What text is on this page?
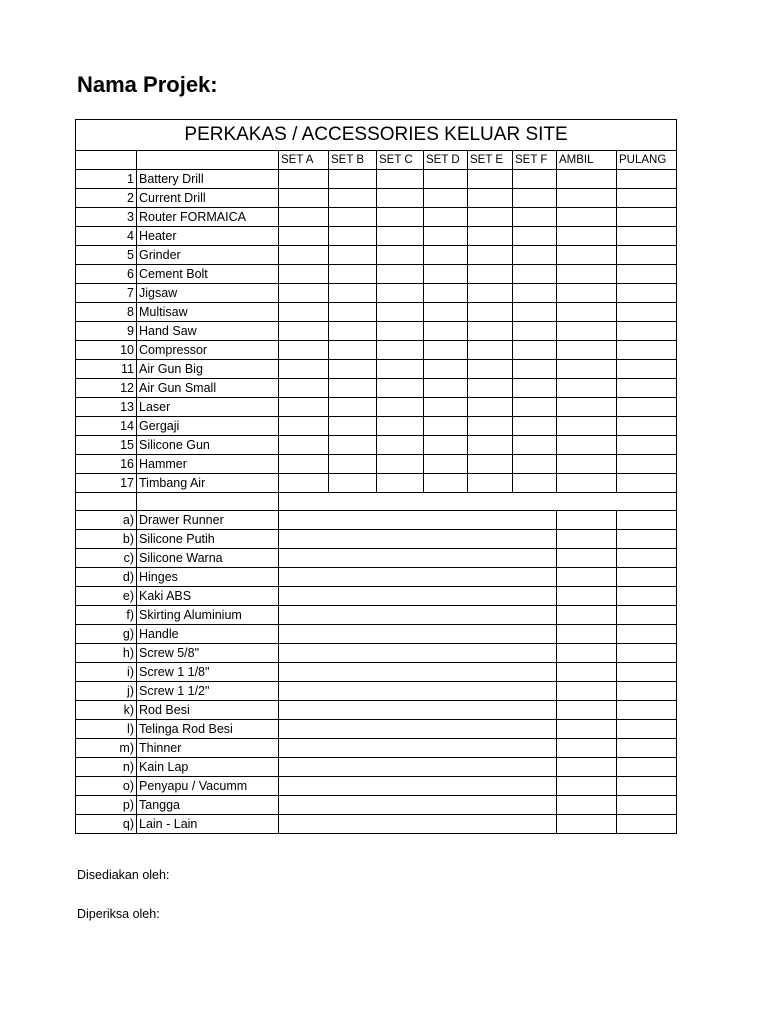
Nama Projek:
PERKAKAS / ACCESSORIES KELUAR SITE									
		SET A	SET B	SET C	SET D	SET E	SET F	AMBIL	PULANG
1	Battery Drill								
2	Current Drill								
3	Router FORMAICA								
4	Heater								
5	Grinder								
6	Cement Bolt								
7	Jigsaw								
8	Multisaw								
9	Hand Saw								
10	Compressor								
11	Air Gun Big								
12	Air Gun Small								
13	Laser								
14	Gergaji								
15	Silicone Gun								
16	Hammer								
17	Timbang Air								

a)	Drawer Runner								
b)	Silicone Putih								
c)	Silicone Warna								
d)	Hinges								
e)	Kaki ABS								
f)	Skirting Aluminium								
g)	Handle								
h)	Screw 5/8"								
i)	Screw 1 1/8"								
j)	Screw 1 1/2"								
k)	Rod Besi								
l)	Telinga Rod Besi								
m)	Thinner								
n)	Kain Lap								
o)	Penyapu / Vacumm								
p)	Tangga								
q)	Lain - Lain								
Disediakan oleh:
Diperiksa oleh:
